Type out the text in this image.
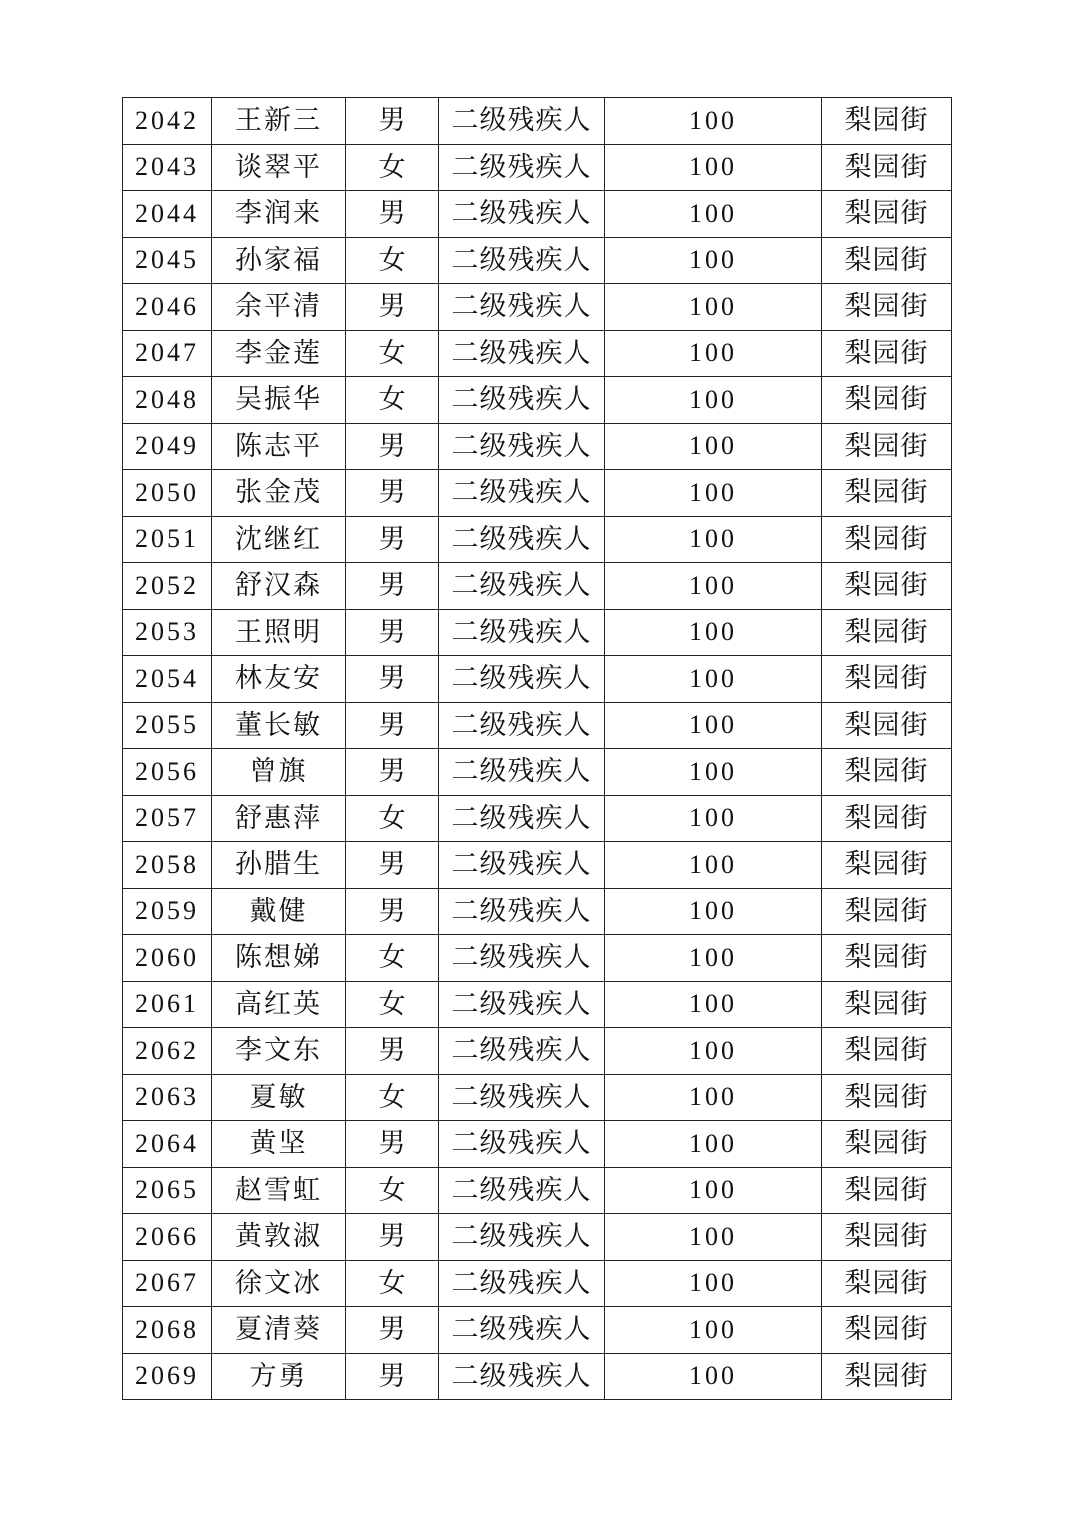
2042	王新三	男	二级残疾人	100	梨园街
2043	谈翠平	女	二级残疾人	100	梨园街
2044	李润来	男	二级残疾人	100	梨园街
2045	孙家福	女	二级残疾人	100	梨园街
2046	余平清	男	二级残疾人	100	梨园街
2047	李金莲	女	二级残疾人	100	梨园街
2048	吴振华	女	二级残疾人	100	梨园街
2049	陈志平	男	二级残疾人	100	梨园街
2050	张金茂	男	二级残疾人	100	梨园街
2051	沈继红	男	二级残疾人	100	梨园街
2052	舒汉森	男	二级残疾人	100	梨园街
2053	王照明	男	二级残疾人	100	梨园街
2054	林友安	男	二级残疾人	100	梨园街
2055	董长敏	男	二级残疾人	100	梨园街
2056	曾旗	男	二级残疾人	100	梨园街
2057	舒惠萍	女	二级残疾人	100	梨园街
2058	孙腊生	男	二级残疾人	100	梨园街
2059	戴健	男	二级残疾人	100	梨园街
2060	陈想娣	女	二级残疾人	100	梨园街
2061	高红英	女	二级残疾人	100	梨园街
2062	李文东	男	二级残疾人	100	梨园街
2063	夏敏	女	二级残疾人	100	梨园街
2064	黄坚	男	二级残疾人	100	梨园街
2065	赵雪虹	女	二级残疾人	100	梨园街
2066	黄敦淑	男	二级残疾人	100	梨园街
2067	徐文冰	女	二级残疾人	100	梨园街
2068	夏清葵	男	二级残疾人	100	梨园街
2069	方勇	男	二级残疾人	100	梨园街
